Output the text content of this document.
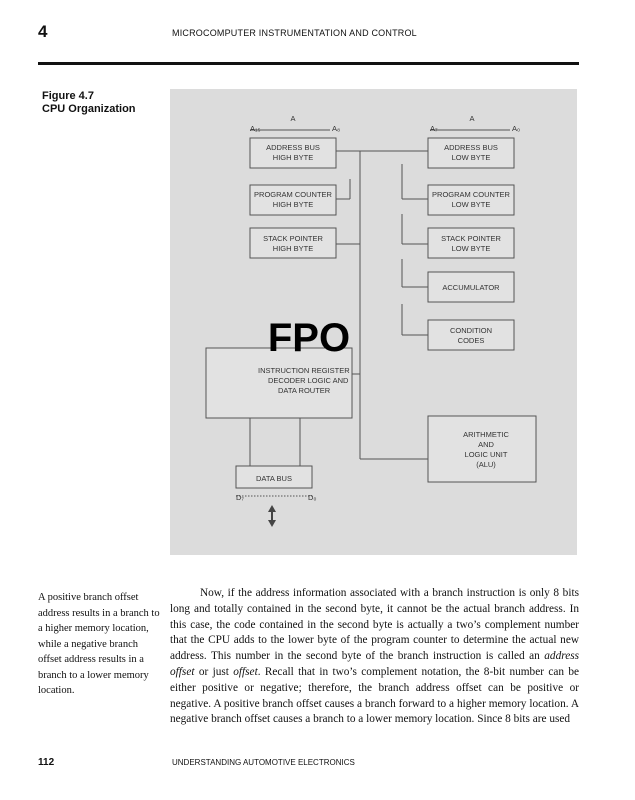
4	MICROCOMPUTER INSTRUMENTATION AND CONTROL
Figure 4.7
CPU Organization
A
A₁₅	A₈
A
A₇	A₀
D₇	D₀
ADDRESS BUS
HIGH BYTE
PROGRAM COUNTER
HIGH BYTE
STACK POINTER
HIGH BYTE
INSTRUCTION REGISTER
DECODER LOGIC AND
DATA ROUTER
DATA BUS
ADDRESS BUS
LOW BYTE
PROGRAM COUNTER
LOW BYTE
STACK POINTER
LOW BYTE
ACCUMULATOR
CONDITION
CODES
ARITHMETIC
AND
LOGIC UNIT
(ALU)
FPO
A positive branch offset address results in a branch to a higher memory location, while a negative branch offset address results in a branch to a lower memory location.

Now, if the address information associated with a branch instruction is only 8 bits long and totally contained in the second byte, it cannot be the actual branch address. In this case, the code contained in the second byte is actually a two’s complement number that the CPU adds to the lower byte of the program counter to determine the actual new address. This number in the second byte of the branch instruction is called an address offset or just offset. Recall that in two’s complement notation, the 8-bit number can be either positive or negative; therefore, the branch address offset can be positive or negative. A positive branch offset causes a branch forward to a higher memory location. A negative branch offset causes a branch to a lower memory location. Since 8 bits are used

112	UNDERSTANDING AUTOMOTIVE ELECTRONICS
